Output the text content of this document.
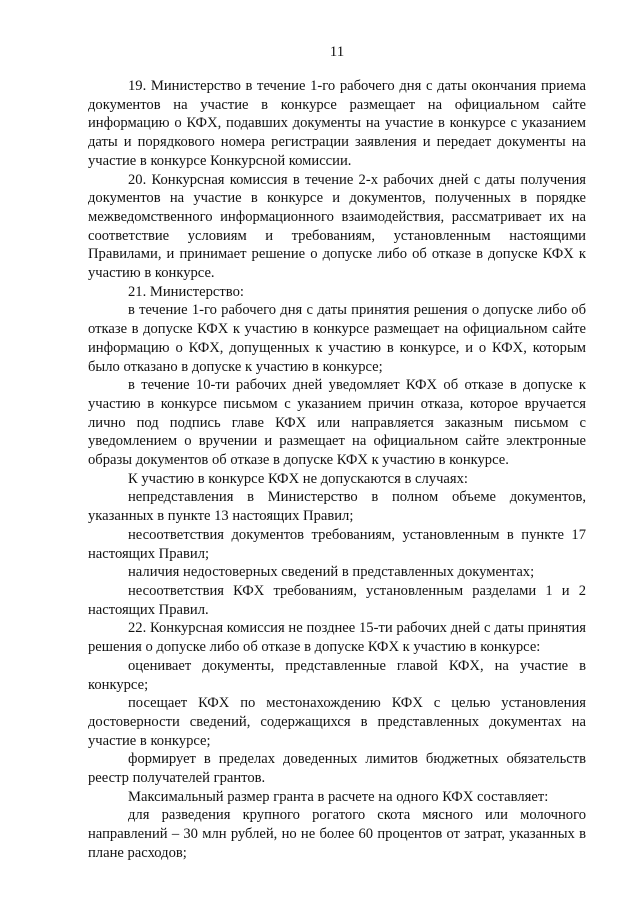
11

19. Министерство в течение 1-го рабочего дня с даты окончания приема документов на участие в конкурсе размещает на официальном сайте информацию о КФХ, подавших документы на участие в конкурсе с указанием даты и порядкового номера регистрации заявления и передает документы на участие в конкурсе Конкурсной комиссии.

20. Конкурсная комиссия в течение 2-х рабочих дней с даты получения документов на участие в конкурсе и документов, полученных в порядке межведомственного информационного взаимодействия, рассматривает их на соответствие условиям и требованиям, установленным настоящими Правилами, и принимает решение о допуске либо об отказе в допуске КФХ к участию в конкурсе.

21. Министерство:

в течение 1-го рабочего дня с даты принятия решения о допуске либо об отказе в допуске КФХ к участию в конкурсе размещает на официальном сайте информацию о КФХ, допущенных к участию в конкурсе, и о КФХ, которым было отказано в допуске к участию в конкурсе;

в течение 10-ти рабочих дней уведомляет КФХ об отказе в допуске к участию в конкурсе письмом с указанием причин отказа, которое вручается лично под подпись главе КФХ или направляется заказным письмом с уведомлением о вручении и размещает на официальном сайте электронные образы документов об отказе в допуске КФХ к участию в конкурсе.

К участию в конкурсе КФХ не допускаются в случаях:

непредставления в Министерство в полном объеме документов, указанных в пункте 13 настоящих Правил;

несоответствия документов требованиям, установленным в пункте 17 настоящих Правил;

наличия недостоверных сведений в представленных документах;

несоответствия КФХ требованиям, установленным разделами 1 и 2 настоящих Правил.

22. Конкурсная комиссия не позднее 15-ти рабочих дней с даты принятия решения о допуске либо об отказе в допуске КФХ к участию в конкурсе:

оценивает документы, представленные главой КФХ, на участие в конкурсе;

посещает КФХ по местонахождению КФХ с целью установления достоверности сведений, содержащихся в представленных документах на участие в конкурсе;

формирует в пределах доведенных лимитов бюджетных обязательств реестр получателей грантов.

Максимальный размер гранта в расчете на одного КФХ составляет:

для разведения крупного рогатого скота мясного или молочного направлений – 30 млн рублей, но не более 60 процентов от затрат, указанных в плане расходов;
